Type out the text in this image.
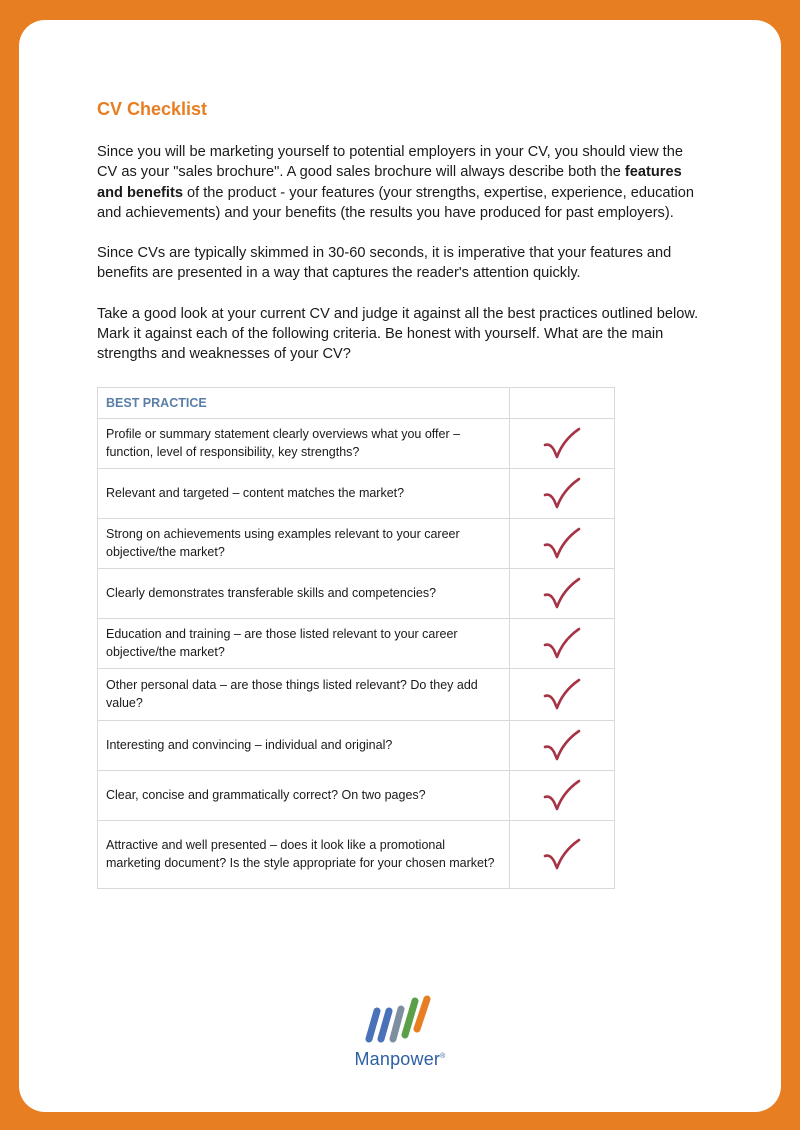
CV Checklist

Since you will be marketing yourself to potential employers in your CV, you should view the CV as your "sales brochure". A good sales brochure will always describe both the features and benefits of the product - your features (your strengths, expertise, experience, education and achievements) and your benefits (the results you have produced for past employers).

Since CVs are typically skimmed in 30-60 seconds, it is imperative that your features and benefits are presented in a way that captures the reader's attention quickly.

Take a good look at your current CV and judge it against all the best practices outlined below. Mark it against each of the following criteria. Be honest with yourself. What are the main strengths and weaknesses of your CV?

BEST PRACTICE	
Profile or summary statement clearly overviews what you offer – function, level of responsibility, key strengths?	

Relevant and targeted – content matches the market?	

Strong on achievements using examples relevant to your career objective/the market?	

Clearly demonstrates transferable skills and competencies?	

Education and training – are those listed relevant to your career objective/the market?	

Other personal data – are those things listed relevant? Do they add value?	

Interesting and convincing – individual and original?	

Clear, concise and grammatically correct? On two pages?	

Attractive and well presented – does it look like a promotional marketing document? Is the style appropriate for your chosen market?	
Manpower®
